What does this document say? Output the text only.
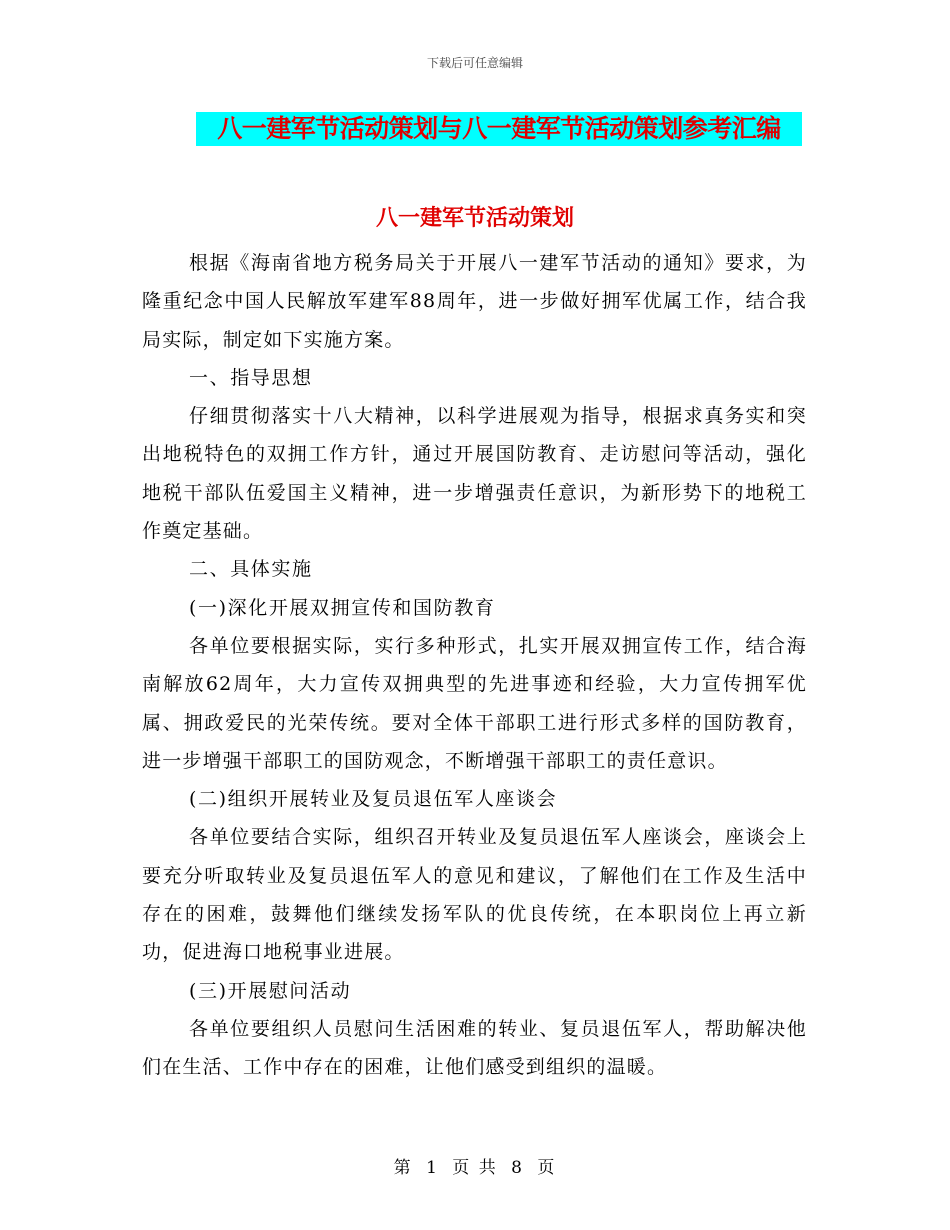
下载后可任意编辑
八一建军节活动策划与八一建军节活动策划参考汇编
八一建军节活动策划

根据《海南省地方税务局关于开展八一建军节活动的通知》要求，为隆重纪念中国人民解放军建军88周年，进一步做好拥军优属工作，结合我局实际，制定如下实施方案。

一、指导思想

仔细贯彻落实十八大精神，以科学进展观为指导，根据求真务实和突出地税特色的双拥工作方针，通过开展国防教育、走访慰问等活动，强化地税干部队伍爱国主义精神，进一步增强责任意识，为新形势下的地税工作奠定基础。

二、具体实施

(一)深化开展双拥宣传和国防教育

各单位要根据实际，实行多种形式，扎实开展双拥宣传工作，结合海南解放62周年，大力宣传双拥典型的先进事迹和经验，大力宣传拥军优属、拥政爱民的光荣传统。要对全体干部职工进行形式多样的国防教育，进一步增强干部职工的国防观念，不断增强干部职工的责任意识。

(二)组织开展转业及复员退伍军人座谈会

各单位要结合实际，组织召开转业及复员退伍军人座谈会，座谈会上要充分听取转业及复员退伍军人的意见和建议，了解他们在工作及生活中存在的困难，鼓舞他们继续发扬军队的优良传统，在本职岗位上再立新功，促进海口地税事业进展。

(三)开展慰问活动

各单位要组织人员慰问生活困难的转业、复员退伍军人，帮助解决他们在生活、工作中存在的困难，让他们感受到组织的温暖。

第 1 页 共 8 页
